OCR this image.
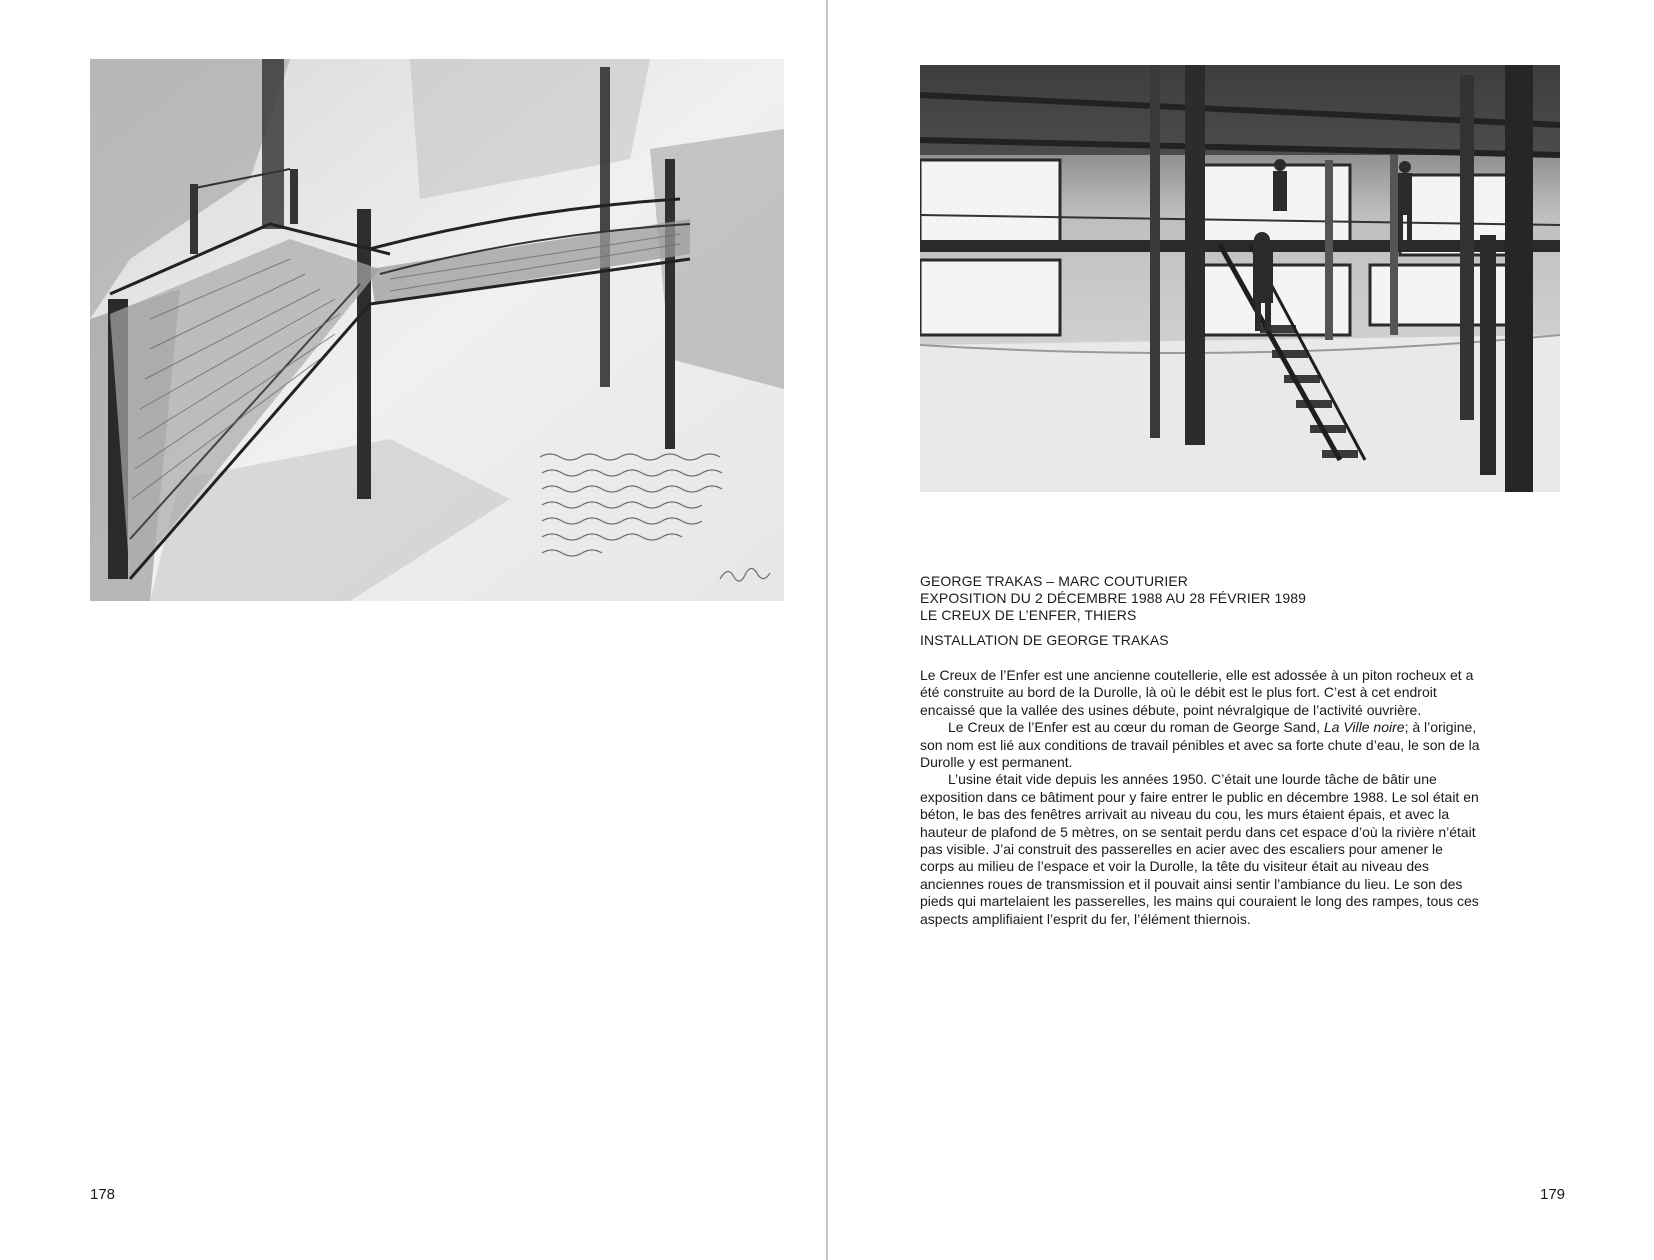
178
GEORGE TRAKAS – MARC COUTURIER
EXPOSITION DU 2 DÉCEMBRE 1988 AU 28 FÉVRIER 1989
LE CREUX DE L’ENFER, THIERS
INSTALLATION DE GEORGE TRAKAS

Le Creux de l’Enfer est une ancienne coutellerie, elle est adossée à un piton rocheux et a été construite au bord de la Durolle, là où le débit est le plus fort. C’est à cet endroit encaissé que la vallée des usines débute, point névralgique de l’activité ouvrière.

Le Creux de l’Enfer est au cœur du roman de George Sand, La Ville noire; à l’origine, son nom est lié aux conditions de travail pénibles et avec sa forte chute d’eau, le son de la Durolle y est permanent.

L’usine était vide depuis les années 1950. C’était une lourde tâche de bâtir une exposition dans ce bâtiment pour y faire entrer le public en décembre 1988. Le sol était en béton, le bas des fenêtres arrivait au niveau du cou, les murs étaient épais, et avec la hauteur de plafond de 5 mètres, on se sentait perdu dans cet espace d’où la rivière n’était pas visible. J’ai construit des passerelles en acier avec des escaliers pour amener le corps au milieu de l’espace et voir la Durolle, la tête du visiteur était au niveau des anciennes roues de transmission et il pouvait ainsi sentir l’ambiance du lieu. Le son des pieds qui martelaient les passerelles, les mains qui couraient le long des rampes, tous ces aspects amplifiaient l’esprit du fer, l’élément thiernois.

179
